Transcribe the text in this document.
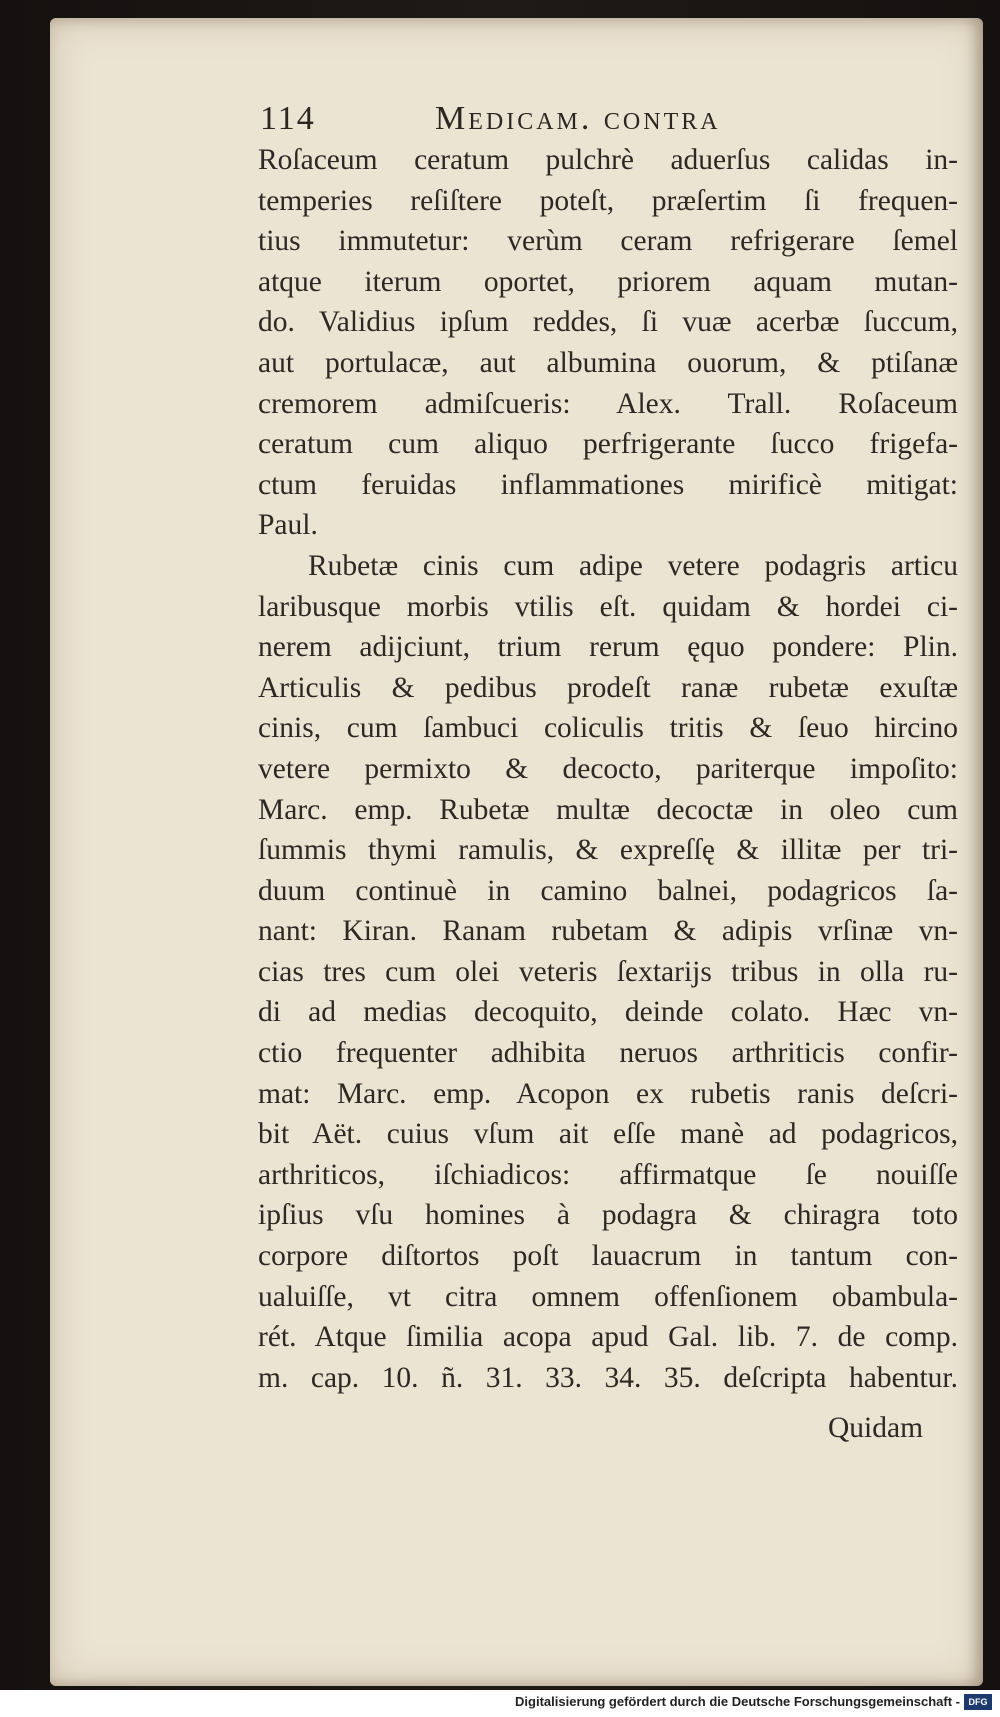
114	Medicam. contra
Roſaceum ceratum pulchrè aduerſus calidas in-
temperies reſiſtere poteſt, præſertim ſi frequen-
tius immutetur: verùm ceram refrigerare ſemel
atque iterum oportet, priorem aquam mutan-
do. Validius ipſum reddes, ſi vuæ acerbæ ſuccum,
aut portulacæ, aut albumina ouorum, & ptiſanæ
cremorem admiſcueris: Alex. Trall. Roſaceum
ceratum cum aliquo perfrigerante ſucco frigefa-
ctum feruidas inflammationes mirificè mitigat:
Paul.
Rubetæ cinis cum adipe vetere podagris articu
laribusque morbis vtilis eſt. quidam & hordei ci-
nerem adijciunt, trium rerum ęquo pondere: Plin.
Articulis & pedibus prodeſt ranæ rubetæ exuſtæ
cinis, cum ſambuci coliculis tritis & ſeuo hircino
vetere permixto & decocto, pariterque impoſito:
Marc. emp. Rubetæ multæ decoctæ in oleo cum
ſummis thymi ramulis, & expreſſę & illitæ per tri-
duum continuè in camino balnei, podagricos ſa-
nant: Kiran. Ranam rubetam & adipis vrſinæ vn-
cias tres cum olei veteris ſextarijs tribus in olla ru-
di ad medias decoquito, deinde colato. Hæc vn-
ctio frequenter adhibita neruos arthriticis confir-
mat: Marc. emp. Acopon ex rubetis ranis deſcri-
bit Aët. cuius vſum ait eſſe manè ad podagricos,
arthriticos, iſchiadicos: affirmatque ſe nouiſſe
ipſius vſu homines à podagra & chiragra toto
corpore diſtortos poſt lauacrum in tantum con-
ualuiſſe, vt citra omnem offenſionem obambula-
rét. Atque ſimilia acopa apud Gal. lib. 7. de comp.
m. cap. 10. ñ. 31. 33. 34. 35. deſcripta habentur.
Quidam
Digitalisierung gefördert durch die Deutsche Forschungsgemeinschaft - DFG
